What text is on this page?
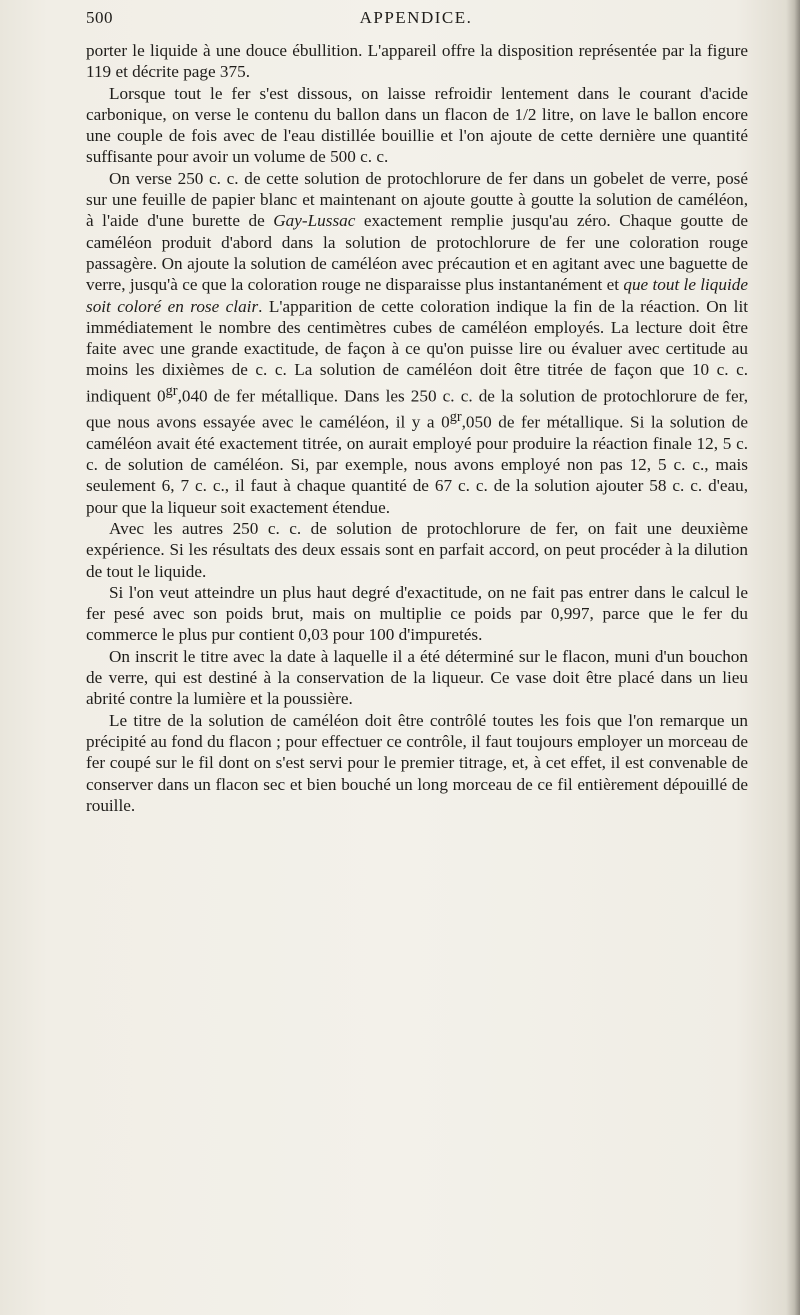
500	APPENDICE.

porter le liquide à une douce ébullition. L'appareil offre la disposition représentée par la figure 119 et décrite page 375.

Lorsque tout le fer s'est dissous, on laisse refroidir lentement dans le courant d'acide carbonique, on verse le contenu du ballon dans un flacon de 1/2 litre, on lave le ballon encore une couple de fois avec de l'eau distillée bouillie et l'on ajoute de cette dernière une quantité suffisante pour avoir un volume de 500 c. c.

On verse 250 c. c. de cette solution de protochlorure de fer dans un gobelet de verre, posé sur une feuille de papier blanc et maintenant on ajoute goutte à goutte la solution de caméléon, à l'aide d'une burette de Gay-Lussac exactement remplie jusqu'au zéro. Chaque goutte de caméléon produit d'abord dans la solution de protochlorure de fer une coloration rouge passagère. On ajoute la solution de caméléon avec précaution et en agitant avec une baguette de verre, jusqu'à ce que la coloration rouge ne disparaisse plus instantanément et que tout le liquide soit coloré en rose clair. L'apparition de cette coloration indique la fin de la réaction. On lit immédiatement le nombre des centimètres cubes de caméléon employés. La lecture doit être faite avec une grande exactitude, de façon à ce qu'on puisse lire ou évaluer avec certitude au moins les dixièmes de c. c. La solution de caméléon doit être titrée de façon que 10 c. c. indiquent $0^{gr},040$ de fer métallique. Dans les 250 c. c. de la solution de protochlorure de fer, que nous avons essayée avec le caméléon, il y a $0^{gr},050$ de fer métallique. Si la solution de caméléon avait été exactement titrée, on aurait employé pour produire la réaction finale 12, 5 c. c. de solution de caméléon. Si, par exemple, nous avons employé non pas 12, 5 c. c., mais seulement 6, 7 c. c., il faut à chaque quantité de 67 c. c. de la solution ajouter 58 c. c. d'eau, pour que la liqueur soit exactement étendue.

Avec les autres 250 c. c. de solution de protochlorure de fer, on fait une deuxième expérience. Si les résultats des deux essais sont en parfait accord, on peut procéder à la dilution de tout le liquide.

Si l'on veut atteindre un plus haut degré d'exactitude, on ne fait pas entrer dans le calcul le fer pesé avec son poids brut, mais on multiplie ce poids par 0,997, parce que le fer du commerce le plus pur contient 0,03 pour 100 d'impuretés.

On inscrit le titre avec la date à laquelle il a été déterminé sur le flacon, muni d'un bouchon de verre, qui est destiné à la conservation de la liqueur. Ce vase doit être placé dans un lieu abrité contre la lumière et la poussière.

Le titre de la solution de caméléon doit être contrôlé toutes les fois que l'on remarque un précipité au fond du flacon ; pour effectuer ce contrôle, il faut toujours employer un morceau de fer coupé sur le fil dont on s'est servi pour le premier titrage, et, à cet effet, il est convenable de conserver dans un flacon sec et bien bouché un long morceau de ce fil entièrement dépouillé de rouille.
